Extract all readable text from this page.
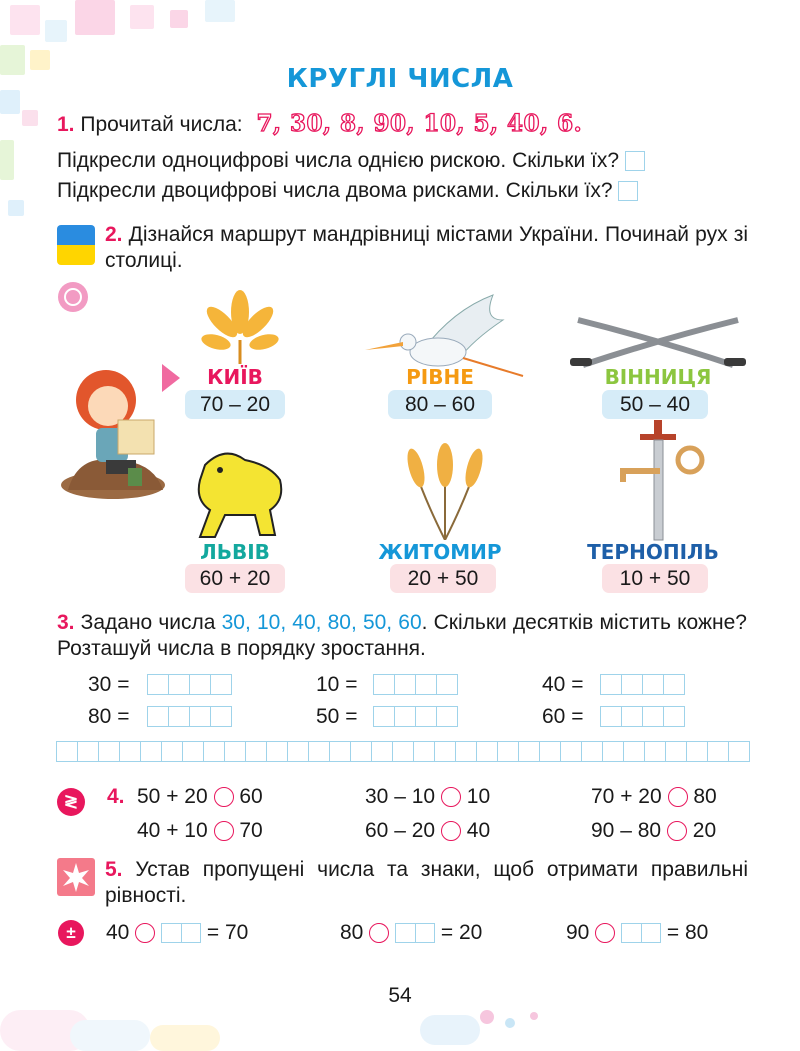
КРУГЛІ ЧИСЛА
1. Прочитай числа: 7, 30, 8, 90, 10, 5, 40, 6.
Підкресли одноцифрові числа однією рискою. Скільки їх?
Підкресли двоцифрові числа двома рисками. Скільки їх?
2. Дізнайся маршрут мандрівниці містами України. Починай рух зі столиці.
КИЇВ
70 – 20
РІВНЕ
80 – 60
ВІННИЦЯ
50 – 40
ЛЬВІВ
60 + 20
ЖИТОМИР
20 + 50
ТЕРНОПІЛЬ
10 + 50
3. Задано числа 30, 10, 40, 80, 50, 60. Скільки десятків містить кожне? Розташуй числа в порядку зростання.
30 =	10 =	40 =
80 =	50 =	60 =
≷	4. 50 + 20 60	30 – 10 10	70 + 20 80
40 + 10 70	60 – 20 40	90 – 80 20
5. Устав пропущені числа та знаки, щоб отримати правильні рівності.
±	40	= 70	80	= 20	90	= 80
54
